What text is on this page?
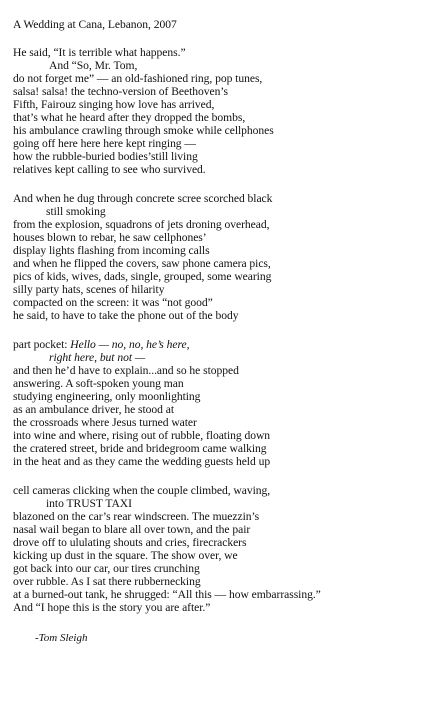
A Wedding at Cana, Lebanon, 2007
He said, “It is terrible what happens.”
And “So, Mr. Tom,
do not forget me” — an old-fashioned ring, pop tunes,
salsa! salsa! the techno-version of Beethoven’s
Fifth, Fairouz singing how love has arrived,
that’s what he heard after they dropped the bombs,
his ambulance crawling through smoke while cellphones
going off here here here kept ringing —
how the rubble-buried bodies’still living
relatives kept calling to see who survived.
And when he dug through concrete scree scorched black
still smoking
from the explosion, squadrons of jets droning overhead,
houses blown to rebar, he saw cellphones’
display lights flashing from incoming calls
and when he flipped the covers, saw phone camera pics,
pics of kids, wives, dads, single, grouped, some wearing
silly party hats, scenes of hilarity
compacted on the screen: it was “not good”
he said, to have to take the phone out of the body
part pocket: Hello — no, no, he’s here,
right here, but not —
and then he’d have to explain...and so he stopped
answering. A soft-spoken young man
studying engineering, only moonlighting
as an ambulance driver, he stood at
the crossroads where Jesus turned water
into wine and where, rising out of rubble, floating down
the cratered street, bride and bridegroom came walking
in the heat and as they came the wedding guests held up
cell cameras clicking when the couple climbed, waving,
into TRUST TAXI
blazoned on the car’s rear windscreen. The muezzin’s
nasal wail began to blare all over town, and the pair
drove off to ululating shouts and cries, firecrackers
kicking up dust in the square. The show over, we
got back into our car, our tires crunching
over rubble. As I sat there rubbernecking
at a burned-out tank, he shrugged: “All this — how embarrassing.”
And “I hope this is the story you are after.”
-Tom Sleigh
